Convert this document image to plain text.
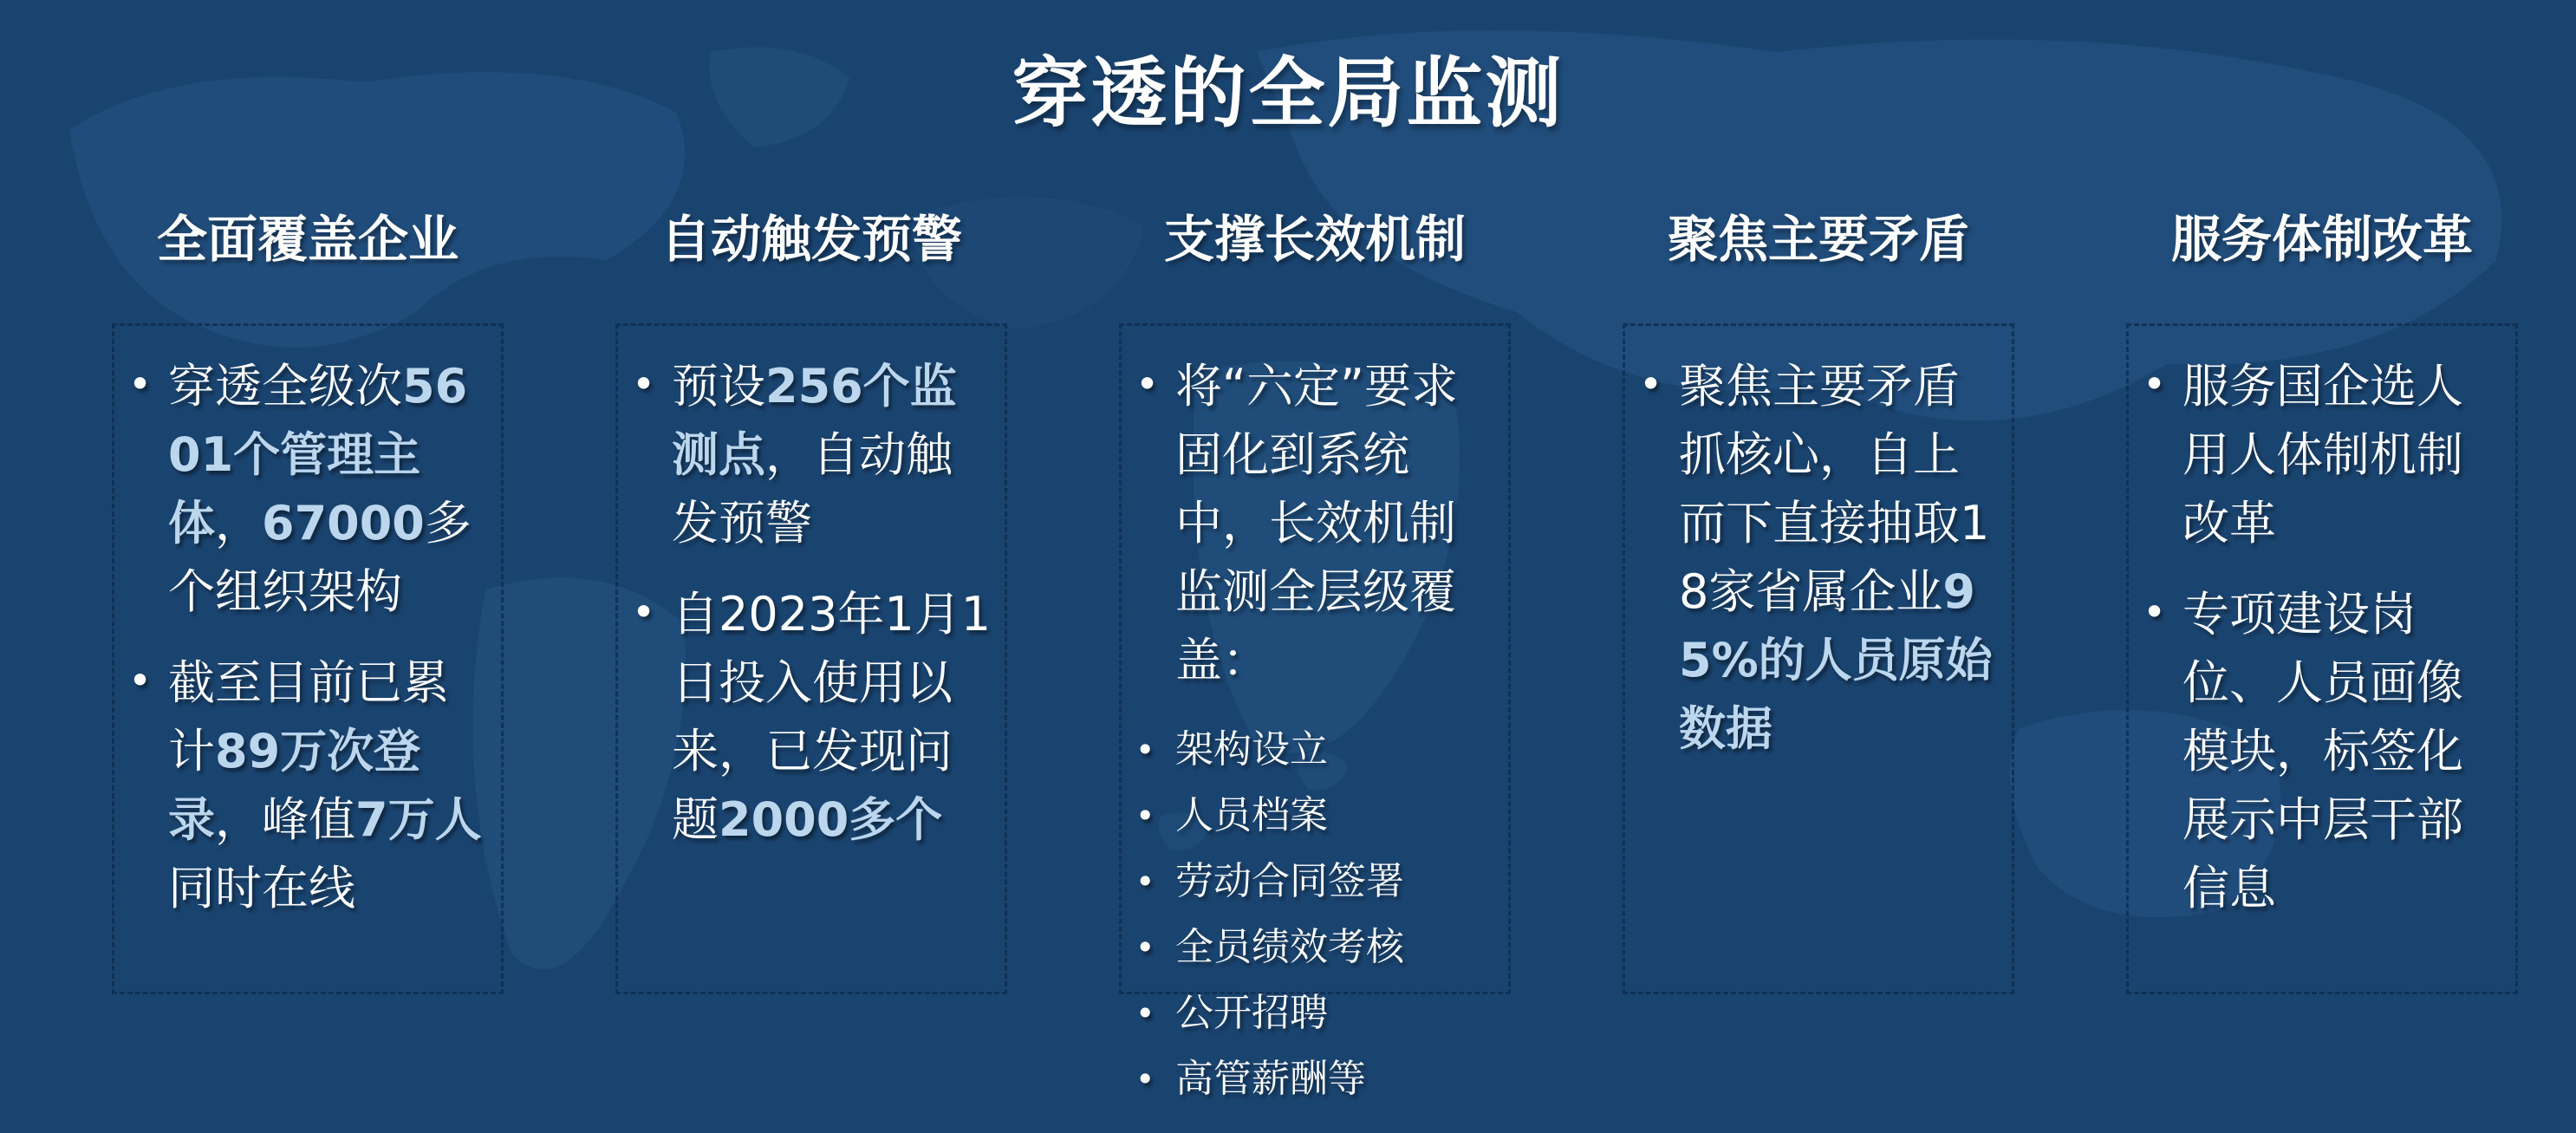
穿透的全局监测
全面覆盖企业
• 穿透全级次5601个管理主体，67000多个组织架构
• 截至目前已累计89万次登录，峰值7万人同时在线
自动触发预警
• 预设256个监测点，自动触发预警
• 自2023年1月1日投入使用以来，已发现问题2000多个
支撑长效机制
• 将“六定”要求固化到系统中，长效机制监测全层级覆盖：
• 架构设立
• 人员档案
• 劳动合同签署
• 全员绩效考核
• 公开招聘
• 高管薪酬等
聚焦主要矛盾
• 聚焦主要矛盾抓核心，自上而下直接抽取18家省属企业95%的人员原始数据
服务体制改革
• 服务国企选人用人体制机制改革
• 专项建设岗位、人员画像模块，标签化展示中层干部信息
